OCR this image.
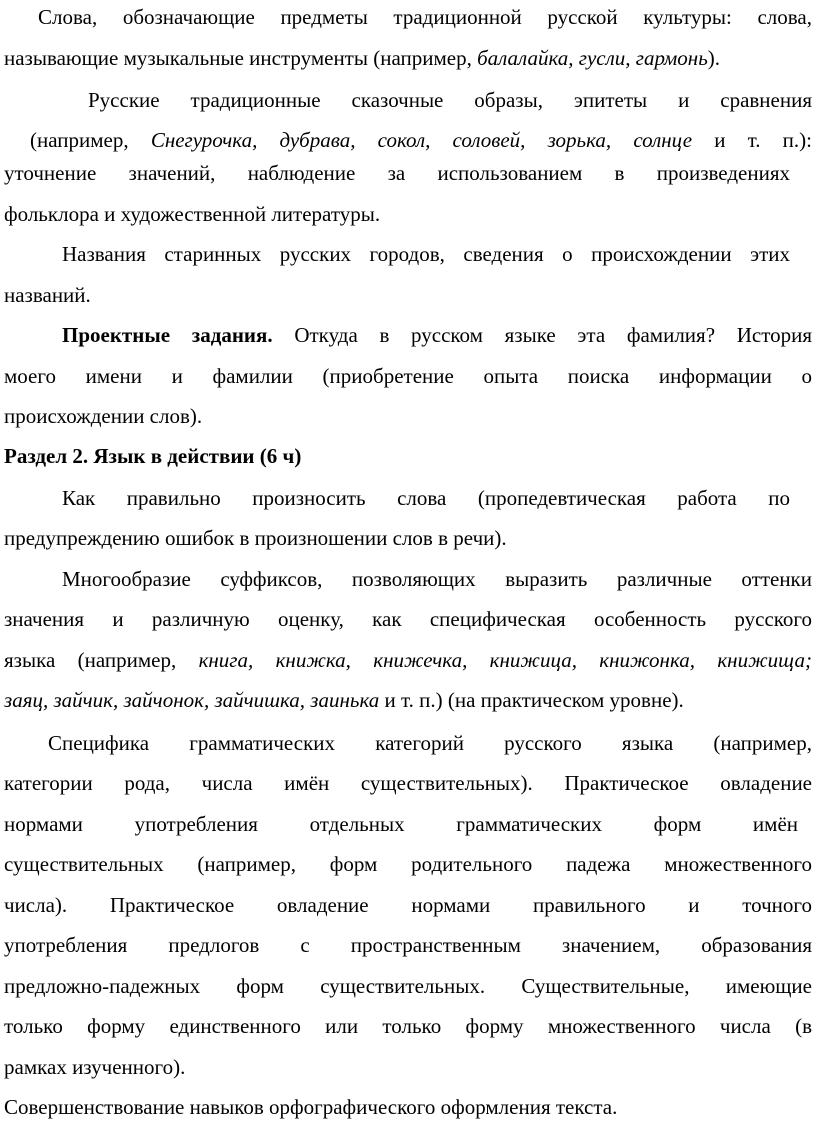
Слова, обозначающие предметы традиционной русской культуры: слова,
называющие музыкальные инструменты (например, балалайка, гусли, гармонь).
Русские традиционные сказочные образы, эпитеты и сравнения
(например, Снегурочка, дубрава, сокол, соловей, зорька, солнце и т. п.):
уточнение значений, наблюдение за использованием в произведениях
фольклора и художественной литературы.
Названия старинных русских городов, сведения о происхождении этих
названий.
Проектные задания. Откуда в русском языке эта фамилия? История
моего имени и фамилии (приобретение опыта поиска информации о
происхождении слов).
Раздел 2. Язык в действии (6 ч)
Как правильно произносить слова (пропедевтическая работа по
предупреждению ошибок в произношении слов в речи).
Многообразие суффиксов, позволяющих выразить различные оттенки
значения и различную оценку, как специфическая особенность русского
языка (например, книга, книжка, книжечка, книжица, книжонка, книжища;
заяц, зайчик, зайчонок, зайчишка, заинька и т. п.) (на практическом уровне).
Специфика грамматических категорий русского языка (например,
категории рода, числа имён существительных). Практическое овладение
нормами употребления отдельных грамматических форм имён
существительных (например, форм родительного падежа множественного
числа). Практическое овладение нормами правильного и точного
употребления предлогов с пространственным значением, образования
предложно-падежных форм существительных. Существительные, имеющие
только форму единственного или только форму множественного числа (в
рамках изученного).
Совершенствование навыков орфографического оформления текста.
